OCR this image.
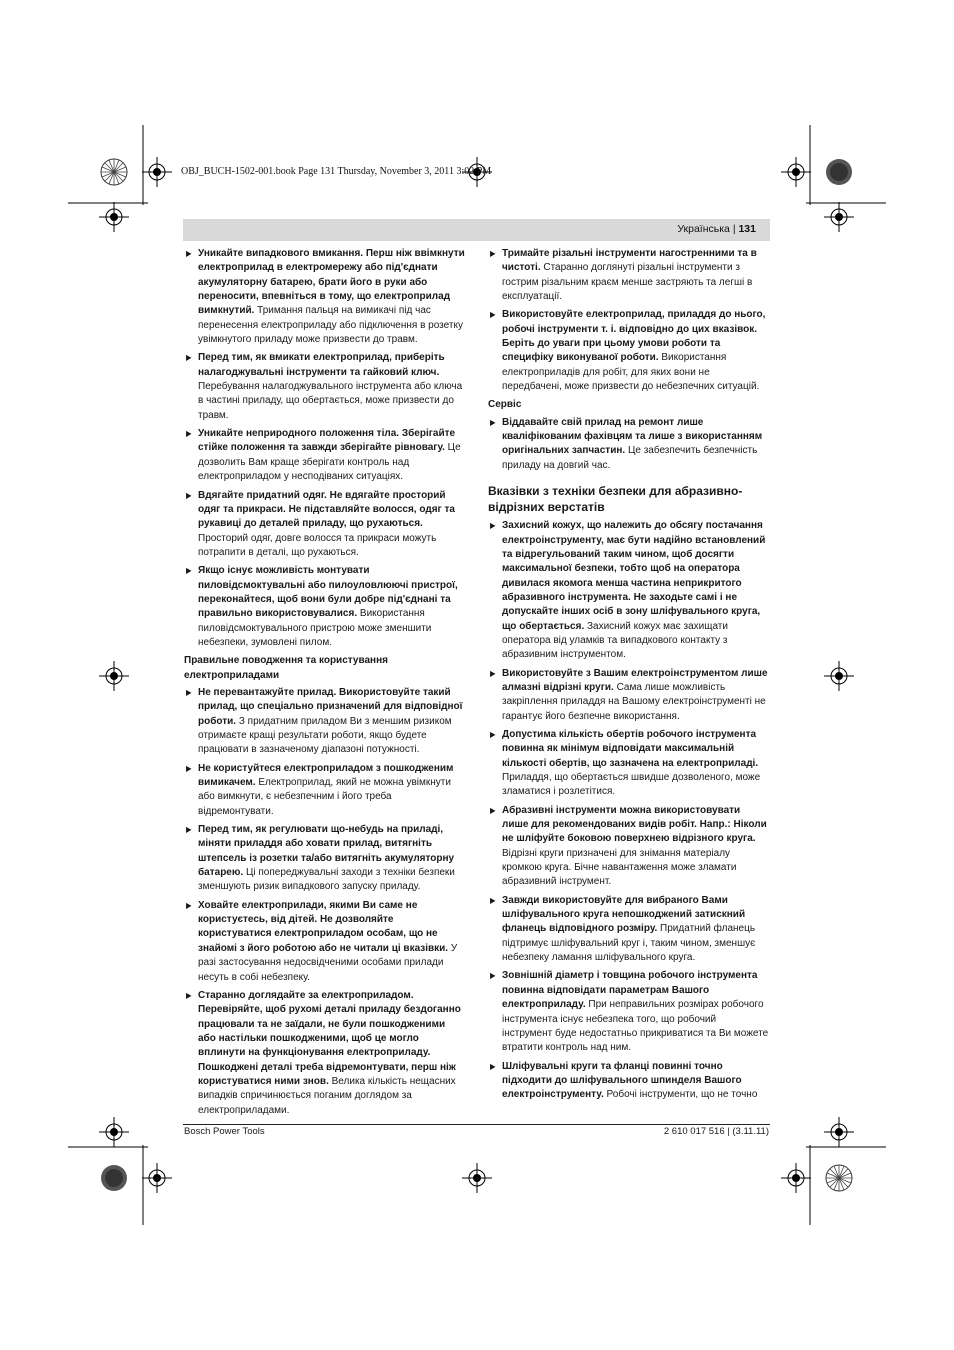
OBJ_BUCH-1502-001.book Page 131 Thursday, November 3, 2011 3:02 PM
Українська | 131
▶ Уникайте випадкового вмикання. Перш ніж ввімкнути електроприлад в електромережу або під'єднати акумуляторну батарею, брати його в руки або переносити, впевніться в тому, що електроприлад вимкнутий. Тримання пальця на вимикачі під час перенесення електроприладу або підключення в розетку увімкнутого приладу може призвести до травм.
▶ Перед тим, як вмикати електроприлад, приберіть налагоджувальні інструменти та гайковий ключ. Перебування налагоджувального інструмента або ключа в частині приладу, що обертається, може призвести до травм.
▶ Уникайте неприродного положення тіла. Зберігайте стійке положення та завжди зберігайте рівновагу. Це дозволить Вам краще зберігати контроль над електроприладом у несподіваних ситуаціях.
▶ Вдягайте придатний одяг. Не вдягайте просторий одяг та прикраси. Не підставляйте волосся, одяг та рукавиці до деталей приладу, що рухаються. Просторий одяг, довге волосся та прикраси можуть потрапити в деталі, що рухаються.
▶ Якщо існує можливість монтувати пиловідсмоктувальні або пилоуловлюючі пристрої, переконайтеся, щоб вони були добре під'єднані та правильно використовувалися. Використання пиловідсмоктувального пристрою може зменшити небезпеки, зумовлені пилом.
Правильне поводження та користування електроприладами
▶ Не перевантажуйте прилад. Використовуйте такий прилад, що спеціально призначений для відповідної роботи. З придатним приладом Ви з меншим ризиком отримаєте кращі результати роботи, якщо будете працювати в зазначеному діапазоні потужності.
▶ Не користуйтеся електроприладом з пошкодженим вимикачем. Електроприлад, який не можна увімкнути або вимкнути, є небезпечним і його треба відремонтувати.
▶ Перед тим, як регулювати що-небудь на приладі, міняти приладдя або ховати прилад, витягніть штепсель із розетки та/або витягніть акумуляторну батарею. Ці попереджувальні заходи з техніки безпеки зменшують ризик випадкового запуску приладу.
▶ Ховайте електроприлади, якими Ви саме не користуєтесь, від дітей. Не дозволяйте користуватися електроприладом особам, що не знайомі з його роботою або не читали ці вказівки. У разі застосування недосвідченими особами прилади несуть в собі небезпеку.
▶ Старанно доглядайте за електроприладом. Перевіряйте, щоб рухомі деталі приладу бездоганно працювали та не заїдали, не були пошкодженими або настільки пошкодженими, щоб це могло вплинути на функціонування електроприладу. Пошкоджені деталі треба відремонтувати, перш ніж користуватися ними знов. Велика кількість нещасних випадків спричинюється поганим доглядом за електроприладами.
▶ Тримайте різальні інструменти нагостренними та в чистоті. Старанно доглянуті різальні інструменти з гострим різальним краєм менше застряють та легші в експлуатації.
▶ Використовуйте електроприлад, приладдя до нього, робочі інструменти т. і. відповідно до цих вказівок. Беріть до уваги при цьому умови роботи та специфіку виконуваної роботи. Використання електроприладів для робіт, для яких вони не передбачені, може призвести до небезпечних ситуацій.
Сервіс
▶ Віддавайте свій прилад на ремонт лише кваліфікованим фахівцям та лише з використанням оригінальних запчастин. Це забезпечить безпечність приладу на довгий час.
Вказівки з техніки безпеки для абразивно-відрізних верстатів
▶ Захисний кожух, що належить до обсягу постачання електроінструменту, має бути надійно встановлений та відрегульований таким чином, щоб досягти максимальної безпеки, тобто щоб на оператора дивилася якомога менша частина неприкритого абразивного інструмента. Не заходьте самі і не допускайте інших осіб в зону шліфувального круга, що обертається. Захисний кожух має захищати оператора від уламків та випадкового контакту з абразивним інструментом.
▶ Використовуйте з Вашим електроінструментом лише алмазні відрізні круги. Сама лише можливість закріплення приладдя на Вашому електроінструменті не гарантує його безпечне використання.
▶ Допустима кількість обертів робочого інструмента повинна як мінімум відповідати максимальній кількості обертів, що зазначена на електроприладі. Приладдя, що обертається швидше дозволеного, може зламатися і розлетітися.
▶ Абразивні інструменти можна використовувати лише для рекомендованих видів робіт. Напр.: Ніколи не шліфуйте боковою поверхнею відрізного круга. Відрізні круги призначені для знімання матеріалу кромкою круга. Бічне навантаження може зламати абразивний інструмент.
▶ Завжди використовуйте для вибраного Вами шліфувального круга непошкоджений затискний фланець відповідного розміру. Придатний фланець підтримує шліфувальний круг і, таким чином, зменшує небезпеку ламання шліфувального круга.
▶ Зовнішній діаметр і товщина робочого інструмента повинна відповідати параметрам Вашого електроприладу. При неправильних розмірах робочого інструмента існує небезпека того, що робочий інструмент буде недостатньо прикриватися та Ви можете втратити контроль над ним.
▶ Шліфувальні круги та фланці повинні точно підходити до шліфувального шпинделя Вашого електроінструменту. Робочі інструменти, що не точно
Bosch Power Tools	2 610 017 516 | (3.11.11)
